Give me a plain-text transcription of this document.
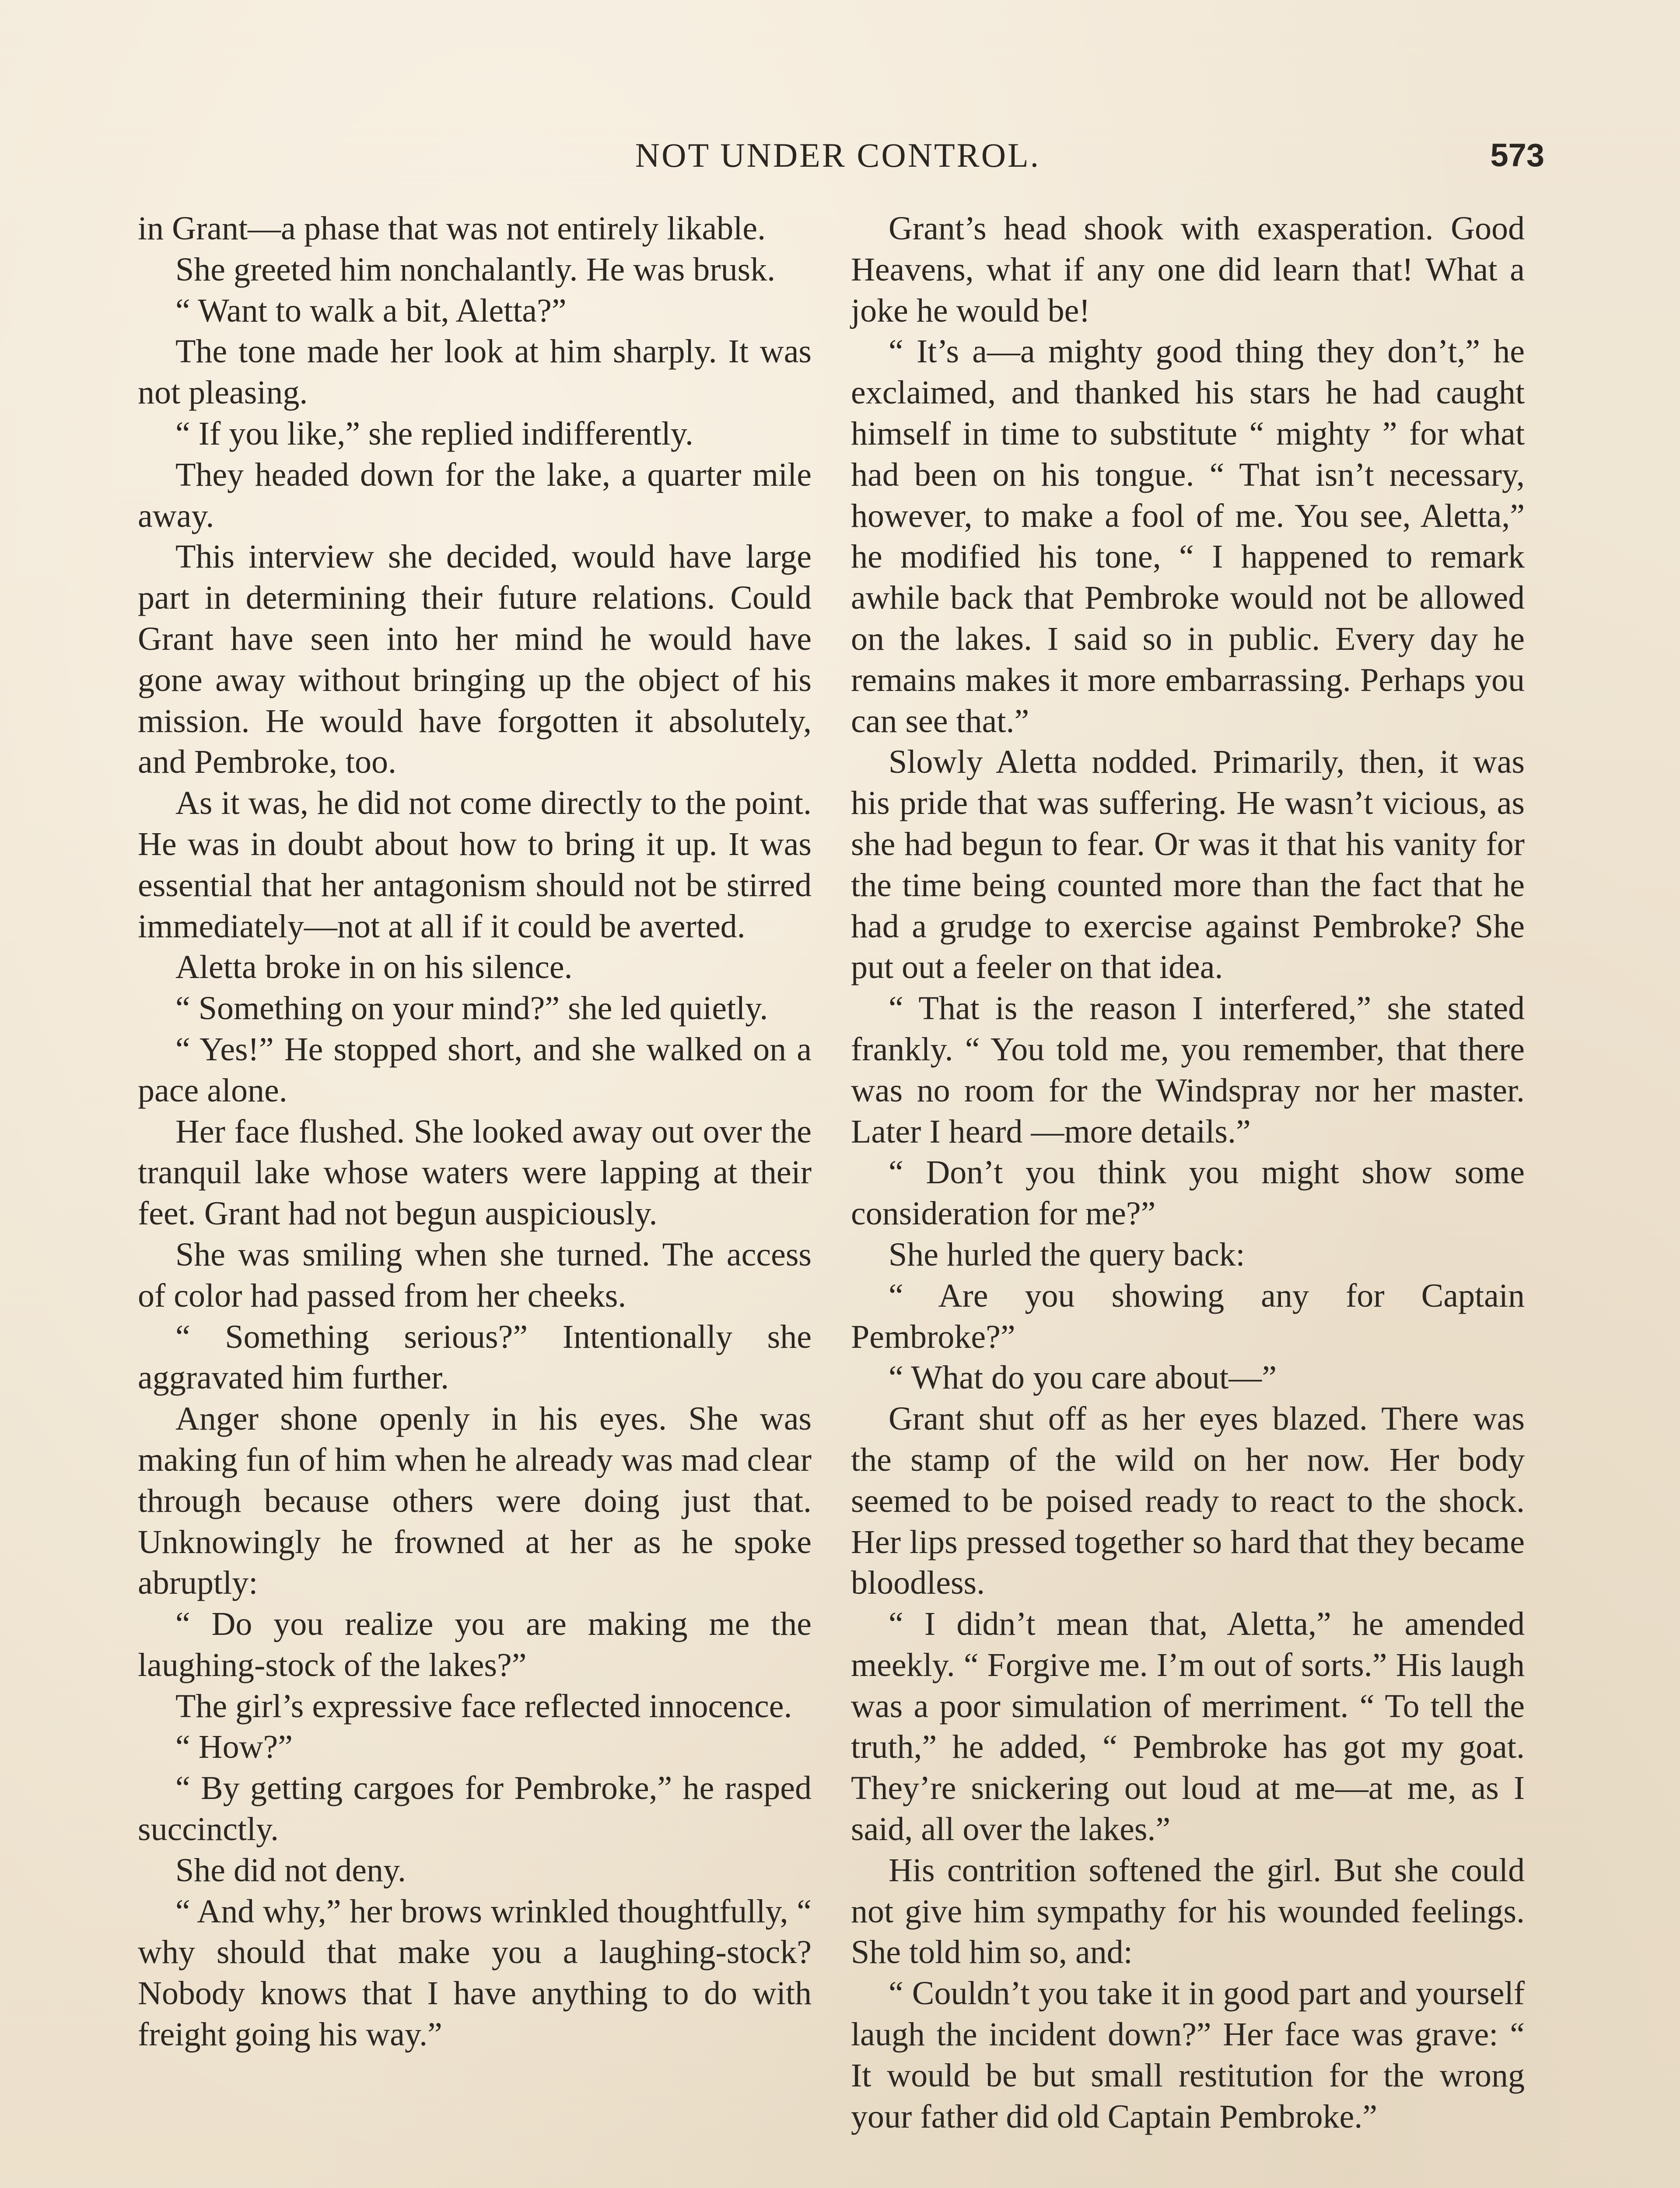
NOT UNDER CONTROL.	573

in Grant—a phase that was not entirely likable.

She greeted him nonchalantly. He was brusk.

“ Want to walk a bit, Aletta?”

The tone made her look at him sharply. It was not pleasing.

“ If you like,” she replied indifferently.

They headed down for the lake, a quarter mile away.

This interview she decided, would have large part in determining their future relations. Could Grant have seen into her mind he would have gone away without bringing up the object of his mission. He would have forgotten it absolutely, and Pembroke, too.

As it was, he did not come directly to the point. He was in doubt about how to bring it up. It was essential that her antagonism should not be stirred immediately—not at all if it could be averted.

Aletta broke in on his silence.

“ Something on your mind?” she led quietly.

“ Yes!” He stopped short, and she walked on a pace alone.

Her face flushed. She looked away out over the tranquil lake whose waters were lapping at their feet. Grant had not begun auspiciously.

She was smiling when she turned. The access of color had passed from her cheeks.

“ Something serious?” Intentionally she aggravated him further.

Anger shone openly in his eyes. She was making fun of him when he already was mad clear through because others were doing just that. Unknowingly he frowned at her as he spoke abruptly:

“ Do you realize you are making me the laughing-stock of the lakes?”

The girl’s expressive face reflected innocence.

“ How?”

“ By getting cargoes for Pembroke,” he rasped succinctly.

She did not deny.

“ And why,” her brows wrinkled thoughtfully, “ why should that make you a laughing-stock? Nobody knows that I have anything to do with freight going his way.”

Grant’s head shook with exasperation. Good Heavens, what if any one did learn that! What a joke he would be!

“ It’s a—a mighty good thing they don’t,” he exclaimed, and thanked his stars he had caught himself in time to substitute “ mighty ” for what had been on his tongue. “ That isn’t necessary, however, to make a fool of me. You see, Aletta,” he modified his tone, “ I happened to remark awhile back that Pembroke would not be allowed on the lakes. I said so in public. Every day he remains makes it more embarrassing. Perhaps you can see that.”

Slowly Aletta nodded. Primarily, then, it was his pride that was suffering. He wasn’t vicious, as she had begun to fear. Or was it that his vanity for the time being counted more than the fact that he had a grudge to exercise against Pembroke? She put out a feeler on that idea.

“ That is the reason I interfered,” she stated frankly. “ You told me, you remember, that there was no room for the Windspray nor her master. Later I heard —more details.”

“ Don’t you think you might show some consideration for me?”

She hurled the query back:

“ Are you showing any for Captain Pembroke?”

“ What do you care about—”

Grant shut off as her eyes blazed. There was the stamp of the wild on her now. Her body seemed to be poised ready to react to the shock. Her lips pressed together so hard that they became bloodless.

“ I didn’t mean that, Aletta,” he amended meekly. “ Forgive me. I’m out of sorts.” His laugh was a poor simulation of merriment. “ To tell the truth,” he added, “ Pembroke has got my goat. They’re snickering out loud at me—at me, as I said, all over the lakes.”

His contrition softened the girl. But she could not give him sympathy for his wounded feelings. She told him so, and:

“ Couldn’t you take it in good part and yourself laugh the incident down?” Her face was grave: “ It would be but small restitution for the wrong your father did old Captain Pembroke.”
